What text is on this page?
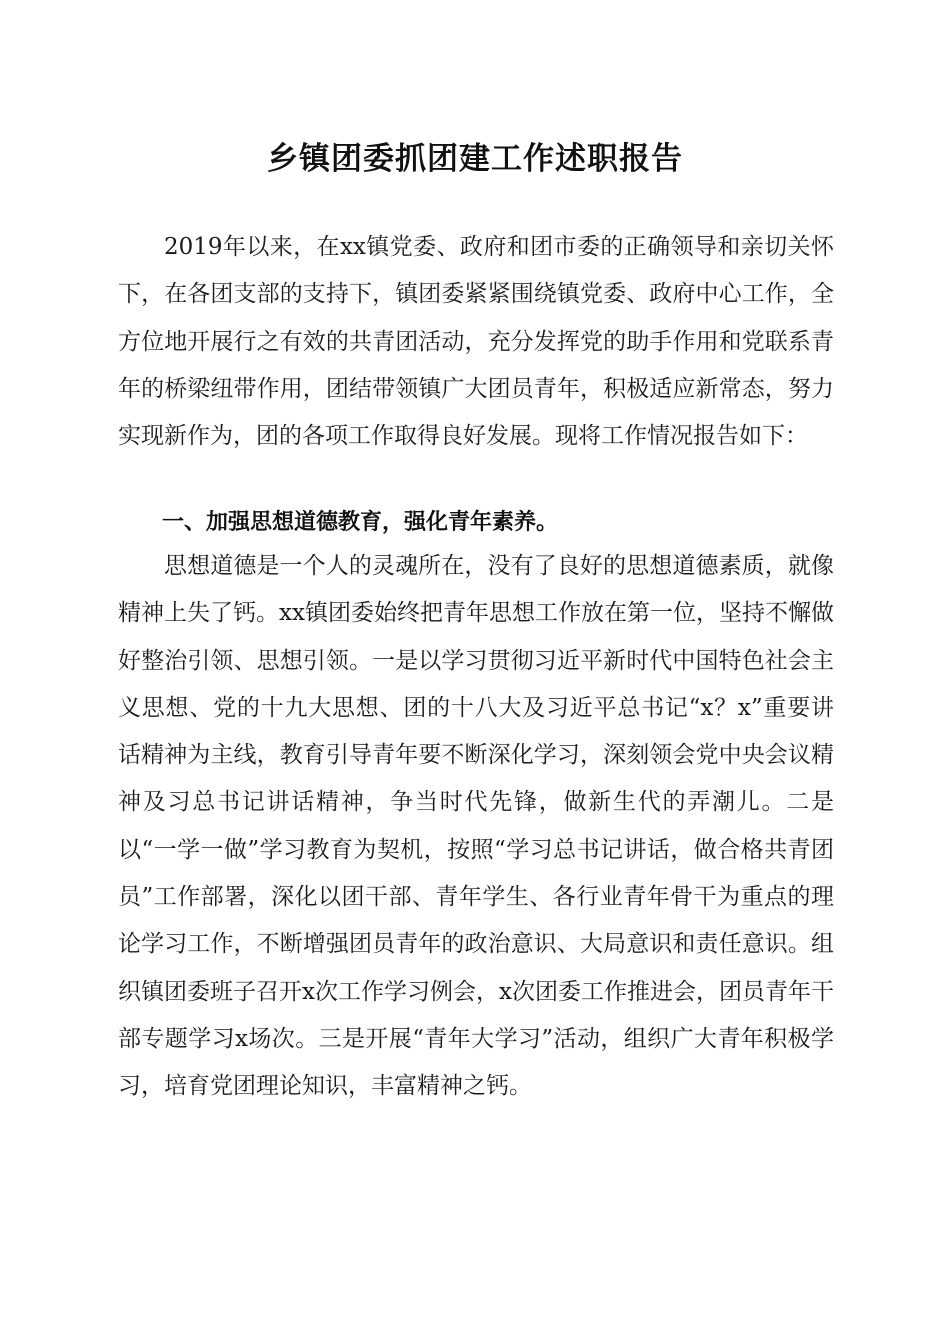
乡镇团委抓团建工作述职报告

2019年以来，在xx镇党委、政府和团市委的正确领导和亲切关怀下，在各团支部的支持下，镇团委紧紧围绕镇党委、政府中心工作，全方位地开展行之有效的共青团活动，充分发挥党的助手作用和党联系青年的桥梁纽带作用，团结带领镇广大团员青年，积极适应新常态，努力实现新作为，团的各项工作取得良好发展。现将工作情况报告如下：

一、加强思想道德教育，强化青年素养。

思想道德是一个人的灵魂所在，没有了良好的思想道德素质，就像精神上失了钙。xx镇团委始终把青年思想工作放在第一位，坚持不懈做好整治引领、思想引领。一是以学习贯彻习近平新时代中国特色社会主义思想、党的十九大思想、团的十八大及习近平总书记“x？x”重要讲话精神为主线，教育引导青年要不断深化学习，深刻领会党中央会议精神及习总书记讲话精神，争当时代先锋，做新生代的弄潮儿。二是以“一学一做”学习教育为契机，按照“学习总书记讲话，做合格共青团员”工作部署，深化以团干部、青年学生、各行业青年骨干为重点的理论学习工作，不断增强团员青年的政治意识、大局意识和责任意识。组织镇团委班子召开x次工作学习例会，x次团委工作推进会，团员青年干部专题学习x场次。三是开展“青年大学习”活动，组织广大青年积极学习，培育党团理论知识，丰富精神之钙。
